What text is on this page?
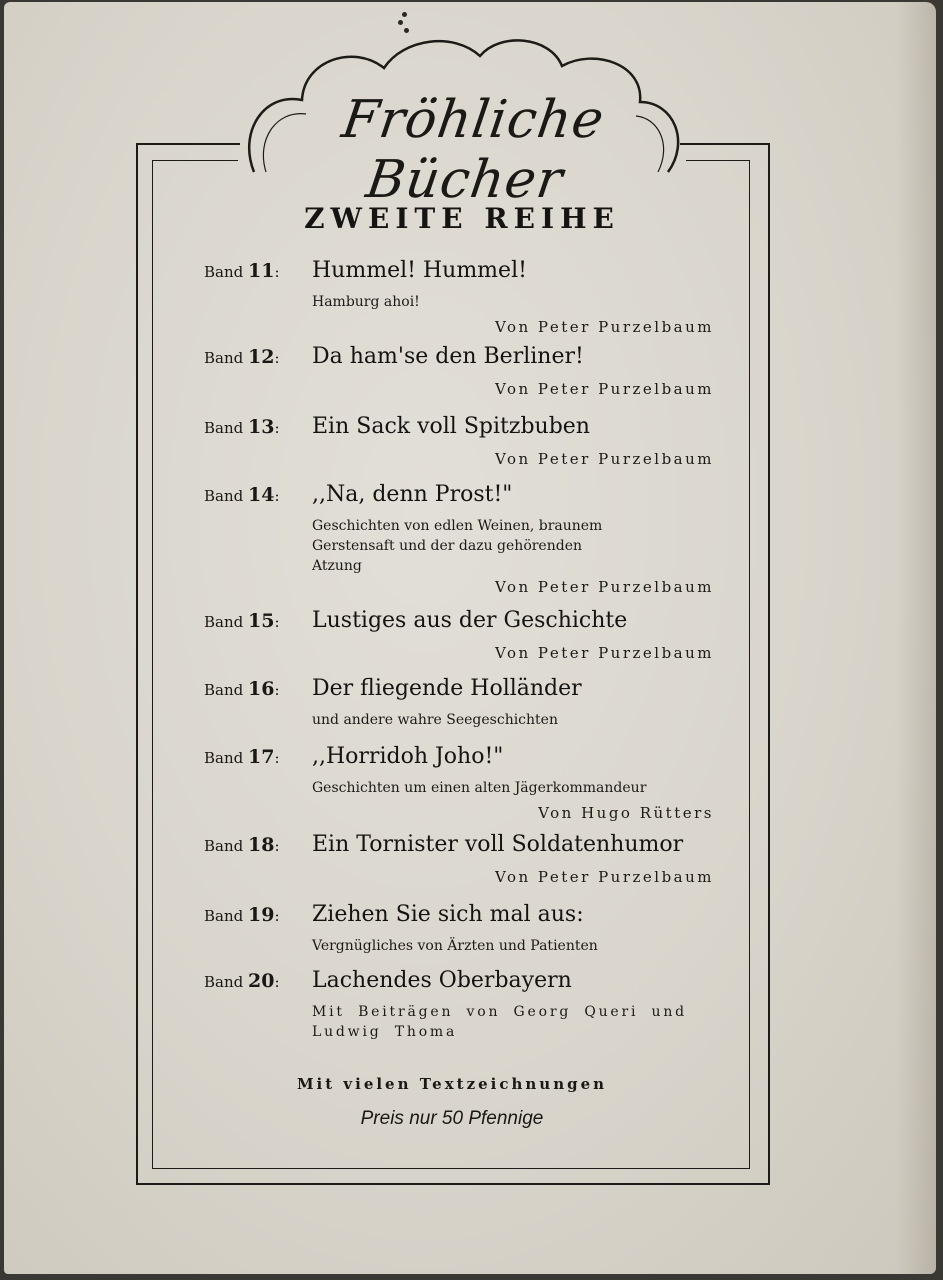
Fröhliche Bücher
ZWEITE REIHE
Band 11:	Hummel! Hummel!
Hamburg ahoi!
Von Peter Purzelbaum
Band 12:	Da ham'se den Berliner!
Von Peter Purzelbaum
Band 13:	Ein Sack voll Spitzbuben
Von Peter Purzelbaum
Band 14:	,,Na, denn Prost!"
Geschichten von edlen Weinen, braunem Gerstensaft und der dazu gehörenden Atzung
Von Peter Purzelbaum
Band 15:	Lustiges aus der Geschichte
Von Peter Purzelbaum
Band 16:	Der fliegende Holländer
und andere wahre Seegeschichten
Band 17:	,,Horridoh Joho!"
Geschichten um einen alten Jägerkommandeur
Von Hugo Rütters
Band 18:	Ein Tornister voll Soldatenhumor
Von Peter Purzelbaum
Band 19:	Ziehen Sie sich mal aus:
Vergnügliches von Ärzten und Patienten
Band 20:	Lachendes Oberbayern
Mit Beiträgen von Georg Queri und Ludwig Thoma
Mit vielen Textzeichnungen
Preis nur 50 Pfennige
